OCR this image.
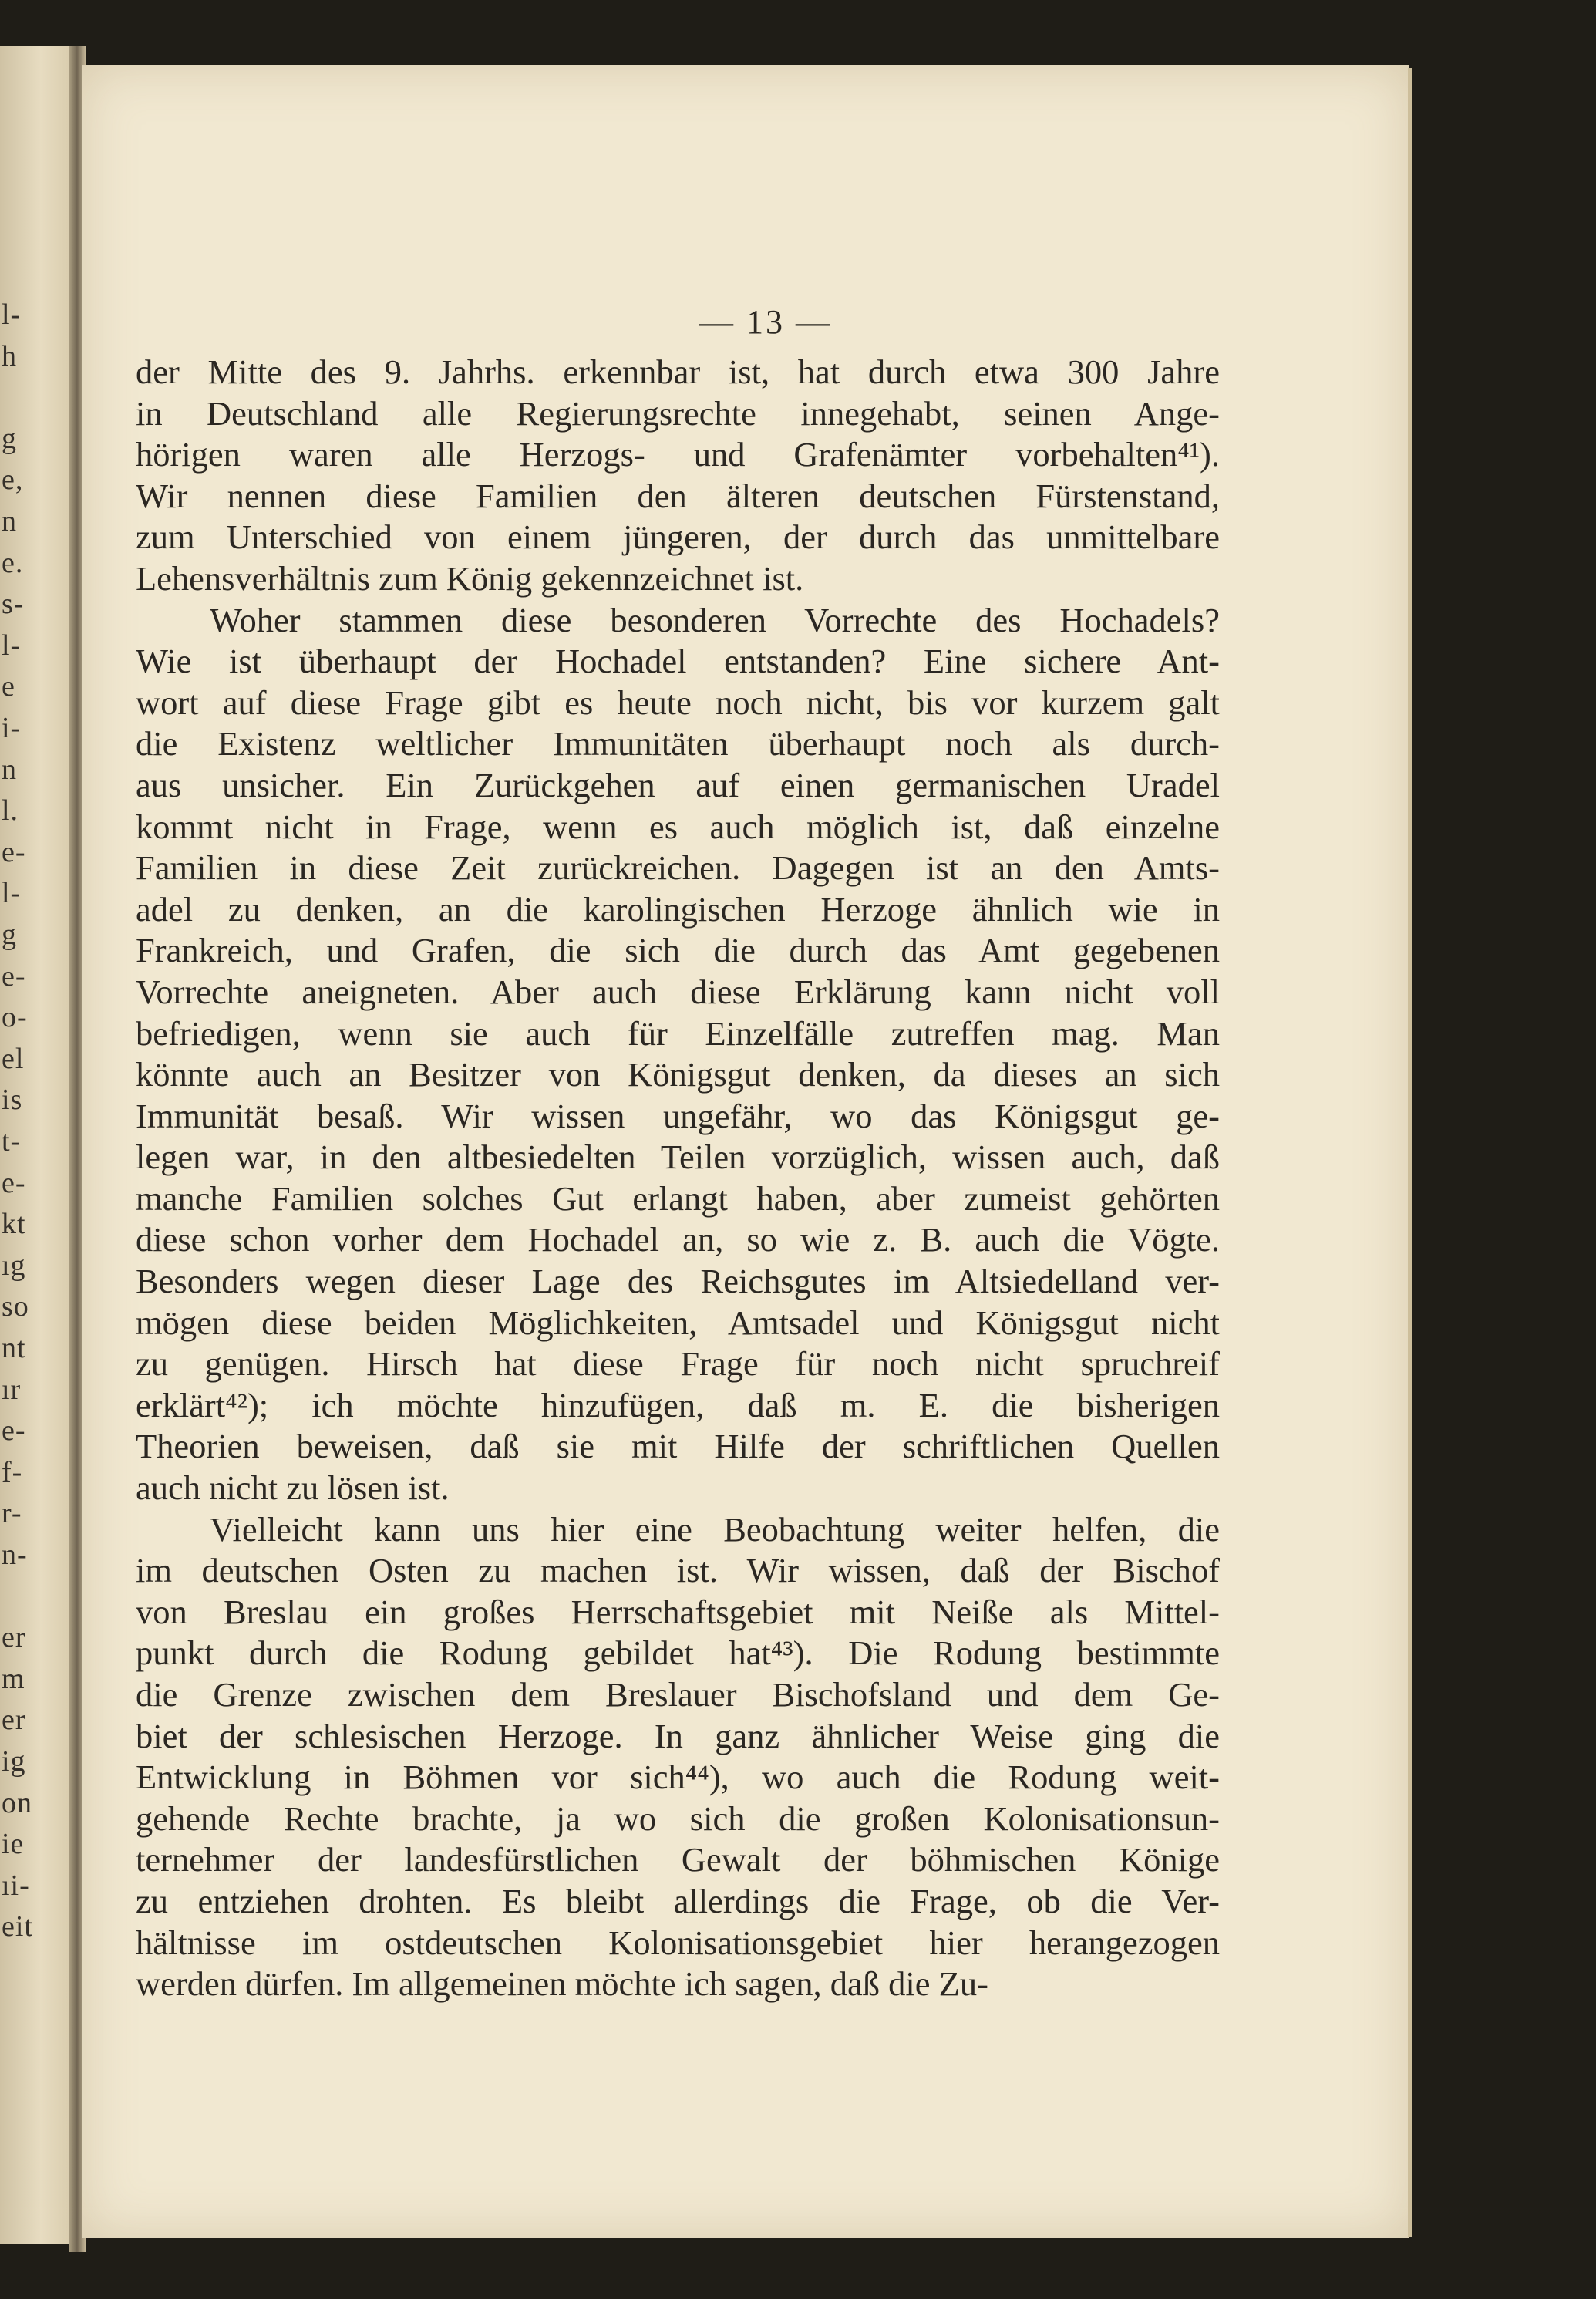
l-

h

g

e,

n

e.

s-

l-

e

i-

n

l.

e-

l-

g

e-

o-

el

is

t-

e-

kt

ıg

so

nt

ır

e-

f-

r-

n-

er

m

er

ig

on

ie

ıi-

eit

— 13 —

der Mitte des 9. Jahrhs. erkennbar ist, hat durch etwa 300 Jahre
in Deutschland alle Regierungsrechte innegehabt, seinen Ange-
hörigen waren alle Herzogs- und Grafenämter vorbehalten⁴¹).
Wir nennen diese Familien den älteren deutschen Fürstenstand,
zum Unterschied von einem jüngeren, der durch das unmittelbare
Lehensverhältnis zum König gekennzeichnet ist.
Woher stammen diese besonderen Vorrechte des Hochadels?
Wie ist überhaupt der Hochadel entstanden? Eine sichere Ant-
wort auf diese Frage gibt es heute noch nicht, bis vor kurzem galt
die Existenz weltlicher Immunitäten überhaupt noch als durch-
aus unsicher. Ein Zurückgehen auf einen germanischen Uradel
kommt nicht in Frage, wenn es auch möglich ist, daß einzelne
Familien in diese Zeit zurückreichen. Dagegen ist an den Amts-
adel zu denken, an die karolingischen Herzoge ähnlich wie in
Frankreich, und Grafen, die sich die durch das Amt gegebenen
Vorrechte aneigneten. Aber auch diese Erklärung kann nicht voll
befriedigen, wenn sie auch für Einzelfälle zutreffen mag. Man
könnte auch an Besitzer von Königsgut denken, da dieses an sich
Immunität besaß. Wir wissen ungefähr, wo das Königsgut ge-
legen war, in den altbesiedelten Teilen vorzüglich, wissen auch, daß
manche Familien solches Gut erlangt haben, aber zumeist gehörten
diese schon vorher dem Hochadel an, so wie z. B. auch die Vögte.
Besonders wegen dieser Lage des Reichsgutes im Altsiedelland ver-
mögen diese beiden Möglichkeiten, Amtsadel und Königsgut nicht
zu genügen. Hirsch hat diese Frage für noch nicht spruchreif
erklärt⁴²); ich möchte hinzufügen, daß m. E. die bisherigen
Theorien beweisen, daß sie mit Hilfe der schriftlichen Quellen
auch nicht zu lösen ist.
Vielleicht kann uns hier eine Beobachtung weiter helfen, die
im deutschen Osten zu machen ist. Wir wissen, daß der Bischof
von Breslau ein großes Herrschaftsgebiet mit Neiße als Mittel-
punkt durch die Rodung gebildet hat⁴³). Die Rodung bestimmte
die Grenze zwischen dem Breslauer Bischofsland und dem Ge-
biet der schlesischen Herzoge. In ganz ähnlicher Weise ging die
Entwicklung in Böhmen vor sich⁴⁴), wo auch die Rodung weit-
gehende Rechte brachte, ja wo sich die großen Kolonisationsun-
ternehmer der landesfürstlichen Gewalt der böhmischen Könige
zu entziehen drohten. Es bleibt allerdings die Frage, ob die Ver-
hältnisse im ostdeutschen Kolonisationsgebiet hier herangezogen
werden dürfen. Im allgemeinen möchte ich sagen, daß die Zu-
